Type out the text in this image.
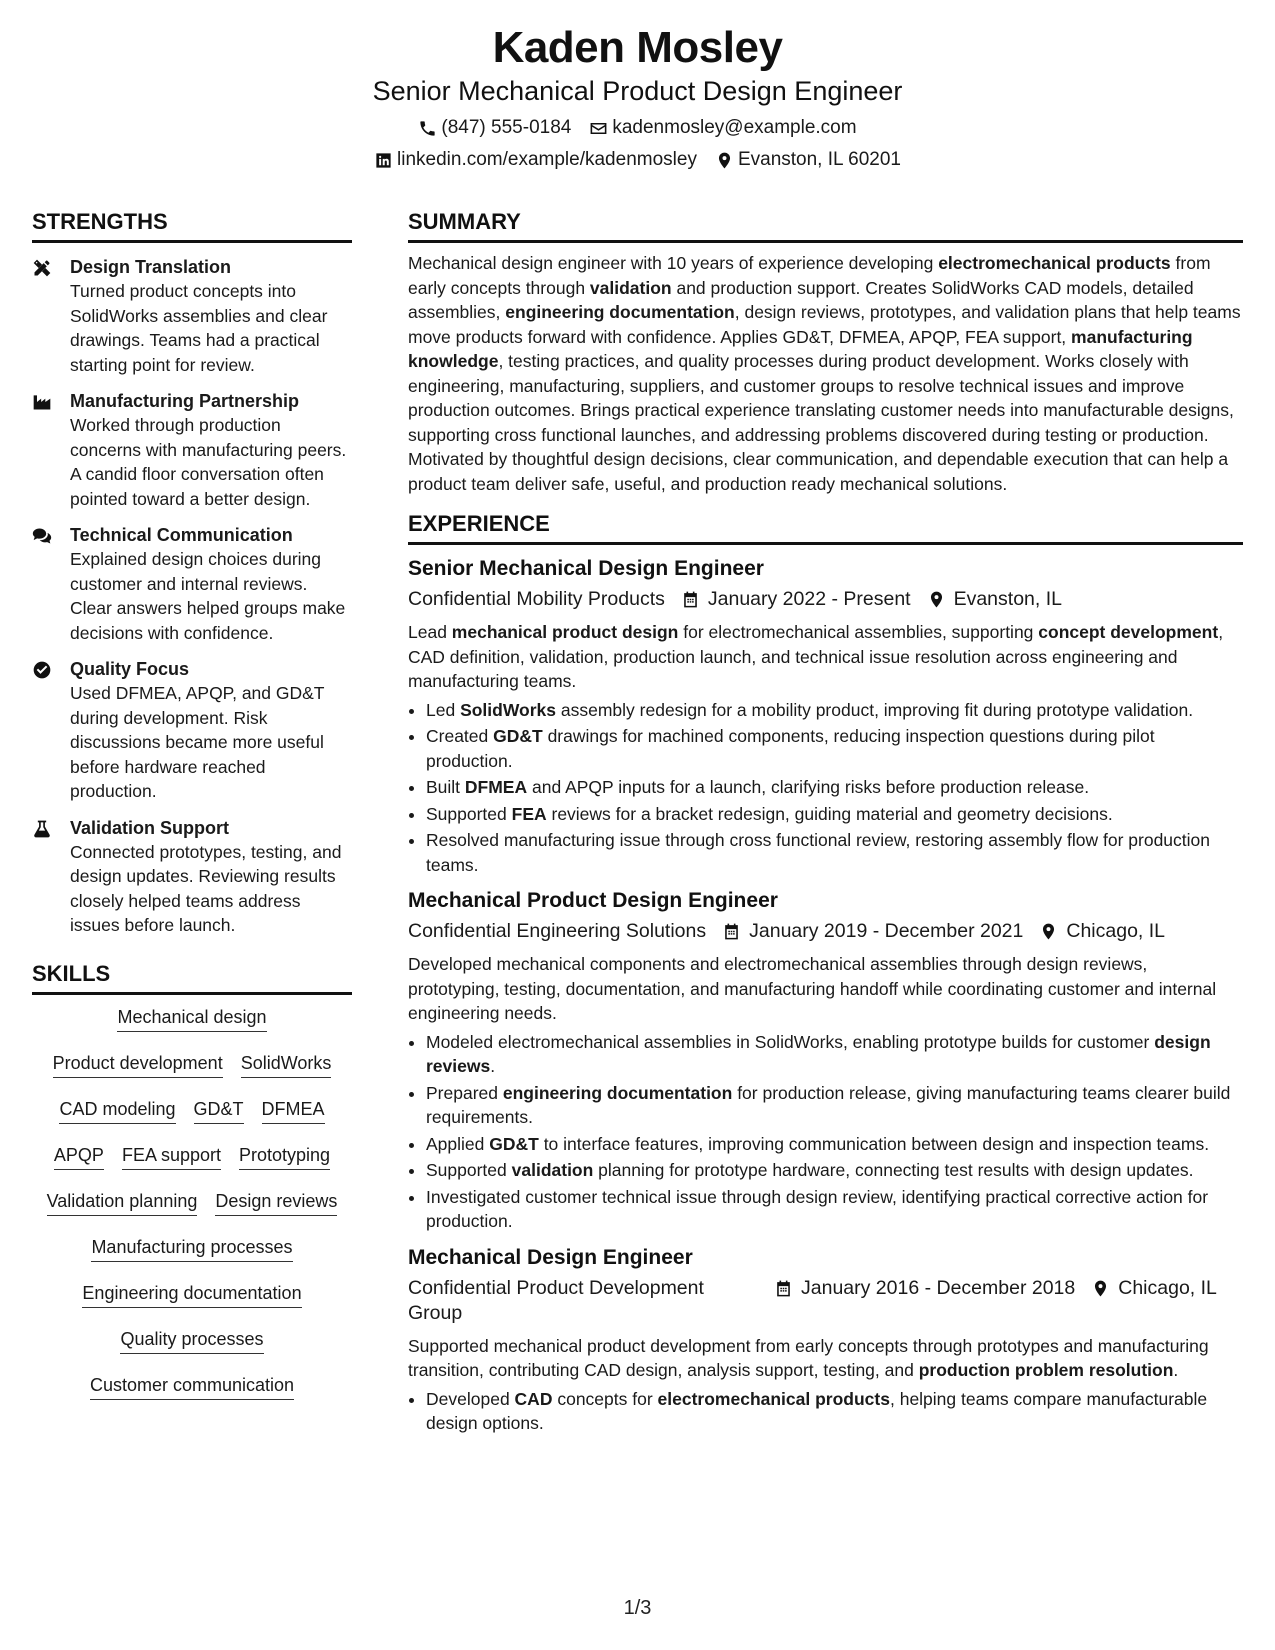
Kaden Mosley
Senior Mechanical Product Design Engineer
(847) 555-0184 kadenmosley@example.com
linkedin.com/example/kadenmosley Evanston, IL 60201
STRENGTHS
Design Translation
Turned product concepts into SolidWorks assemblies and clear drawings. Teams had a practical starting point for review.
Manufacturing Partnership
Worked through production concerns with manufacturing peers. A candid floor conversation often pointed toward a better design.
Technical Communication
Explained design choices during customer and internal reviews. Clear answers helped groups make decisions with confidence.
Quality Focus
Used DFMEA, APQP, and GD&T during development. Risk discussions became more useful before hardware reached production.
Validation Support
Connected prototypes, testing, and design updates. Reviewing results closely helped teams address issues before launch.
SKILLS
Mechanical design
Product development SolidWorks
CAD modeling GD&T DFMEA
APQP FEA support Prototyping
Validation planning Design reviews
Manufacturing processes
Engineering documentation
Quality processes
Customer communication
SUMMARY
Mechanical design engineer with 10 years of experience developing electromechanical products from early concepts through validation and production support. Creates SolidWorks CAD models, detailed assemblies, engineering documentation, design reviews, prototypes, and validation plans that help teams move products forward with confidence. Applies GD&T, DFMEA, APQP, FEA support, manufacturing knowledge, testing practices, and quality processes during product development. Works closely with engineering, manufacturing, suppliers, and customer groups to resolve technical issues and improve production outcomes. Brings practical experience translating customer needs into manufacturable designs, supporting cross functional launches, and addressing problems discovered during testing or production. Motivated by thoughtful design decisions, clear communication, and dependable execution that can help a product team deliver safe, useful, and production ready mechanical solutions.
EXPERIENCE
Senior Mechanical Design Engineer
Confidential Mobility Products January 2022 - Present Evanston, IL
Lead mechanical product design for electromechanical assemblies, supporting concept development, CAD definition, validation, production launch, and technical issue resolution across engineering and manufacturing teams.
• Led SolidWorks assembly redesign for a mobility product, improving fit during prototype validation.
• Created GD&T drawings for machined components, reducing inspection questions during pilot production.
• Built DFMEA and APQP inputs for a launch, clarifying risks before production release.
• Supported FEA reviews for a bracket redesign, guiding material and geometry decisions.
• Resolved manufacturing issue through cross functional review, restoring assembly flow for production teams.
Mechanical Product Design Engineer
Confidential Engineering Solutions January 2019 - December 2021 Chicago, IL
Developed mechanical components and electromechanical assemblies through design reviews, prototyping, testing, documentation, and manufacturing handoff while coordinating customer and internal engineering needs.
• Modeled electromechanical assemblies in SolidWorks, enabling prototype builds for customer design reviews.
• Prepared engineering documentation for production release, giving manufacturing teams clearer build requirements.
• Applied GD&T to interface features, improving communication between design and inspection teams.
• Supported validation planning for prototype hardware, connecting test results with design updates.
• Investigated customer technical issue through design review, identifying practical corrective action for production.
Mechanical Design Engineer
Confidential Product Development Group
January 2016 - December 2018 Chicago, IL
Supported mechanical product development from early concepts through prototypes and manufacturing transition, contributing CAD design, analysis support, testing, and production problem resolution.
• Developed CAD concepts for electromechanical products, helping teams compare manufacturable design options.
1/3
